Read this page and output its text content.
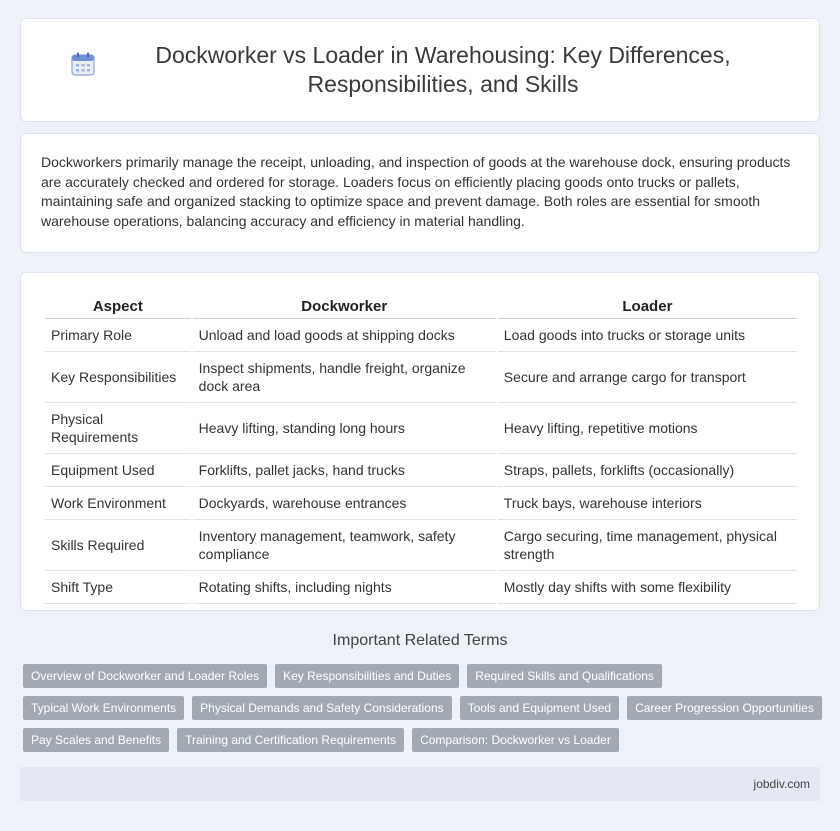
Dockworker vs Loader in Warehousing: Key Differences, Responsibilities, and Skills

Dockworkers primarily manage the receipt, unloading, and inspection of goods at the warehouse dock, ensuring products are accurately checked and ordered for storage. Loaders focus on efficiently placing goods onto trucks or pallets, maintaining safe and organized stacking to optimize space and prevent damage. Both roles are essential for smooth warehouse operations, balancing accuracy and efficiency in material handling.

Aspect	Dockworker	Loader
Primary Role	Unload and load goods at shipping docks	Load goods into trucks or storage units
Key Responsibilities	Inspect shipments, handle freight, organize dock area	Secure and arrange cargo for transport
Physical Requirements	Heavy lifting, standing long hours	Heavy lifting, repetitive motions
Equipment Used	Forklifts, pallet jacks, hand trucks	Straps, pallets, forklifts (occasionally)
Work Environment	Dockyards, warehouse entrances	Truck bays, warehouse interiors
Skills Required	Inventory management, teamwork, safety compliance	Cargo securing, time management, physical strength
Shift Type	Rotating shifts, including nights	Mostly day shifts with some flexibility
Important Related Terms
Overview of Dockworker and Loader Roles	Key Responsibilities and Duties	Required Skills and Qualifications
Typical Work Environments	Physical Demands and Safety Considerations	Tools and Equipment Used	Career Progression Opportunities
Pay Scales and Benefits	Training and Certification Requirements	Comparison: Dockworker vs Loader
jobdiv.com
